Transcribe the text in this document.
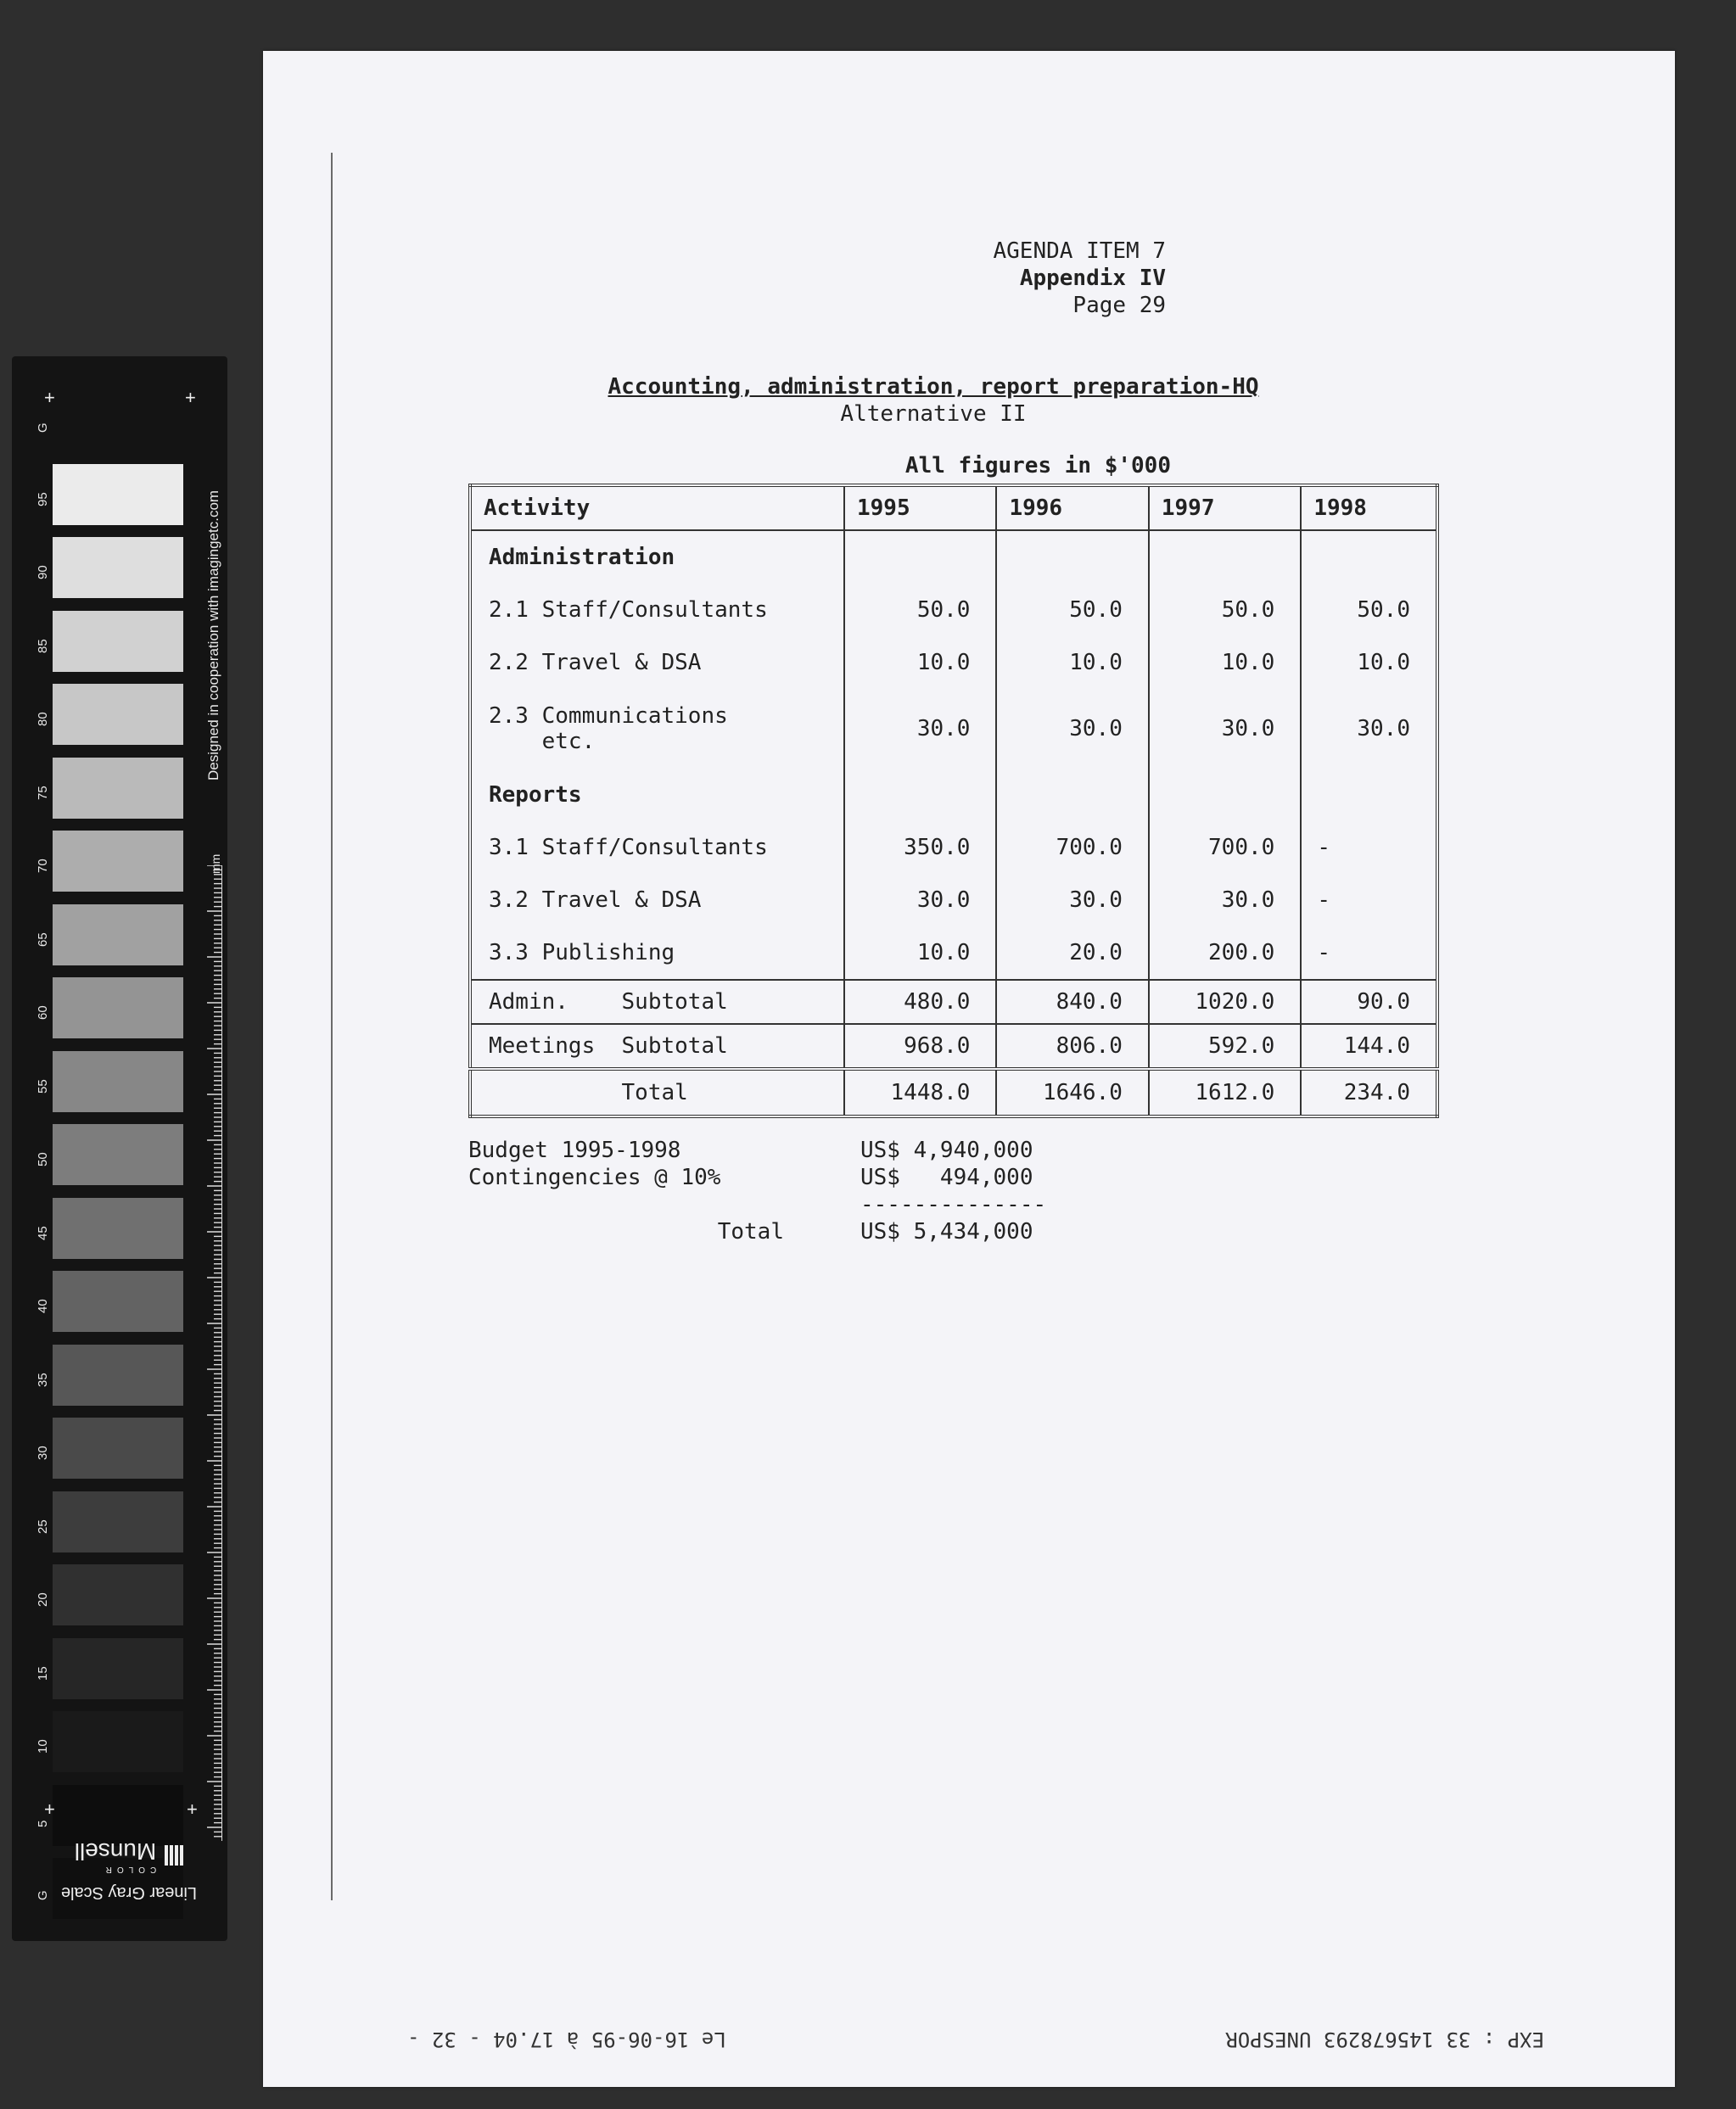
G
95
90
85
80
75
70
65
60
55
50
45
40
35
30
25
20
15
10
5
G
Designed in cooperation with imagingetc.com
mm
+	+
+	+
Linear Gray Scale
COLOR
Munsell
AGENDA ITEM 7
Appendix IV
Page 29
Accounting, administration, report preparation-HQ
Alternative II
All figures in $'000
Activity	1995	1996	1997	1998
Administration				
2.1 Staff/Consultants	50.0	50.0	50.0	50.0
2.2 Travel & DSA	10.0	10.0	10.0	10.0
2.3 Communications
etc.	30.0	30.0	30.0	30.0
Reports				
3.1 Staff/Consultants	350.0	700.0	700.0	-
3.2 Travel & DSA	30.0	30.0	30.0	-
3.3 Publishing	10.0	20.0	200.0	-
Admin.    Subtotal	480.0	840.0	1020.0	90.0
Meetings  Subtotal	968.0	806.0	592.0	144.0
Total	1448.0	1646.0	1612.0	234.0
Budget 1995-1998	US$ 4,940,000
Contingencies @ 10%	US$   494,000
--------------
Total	US$ 5,434,000
EXP : 33 145678293 UNESPOR
Le 16-06-95 à 17.04 - 32 -
